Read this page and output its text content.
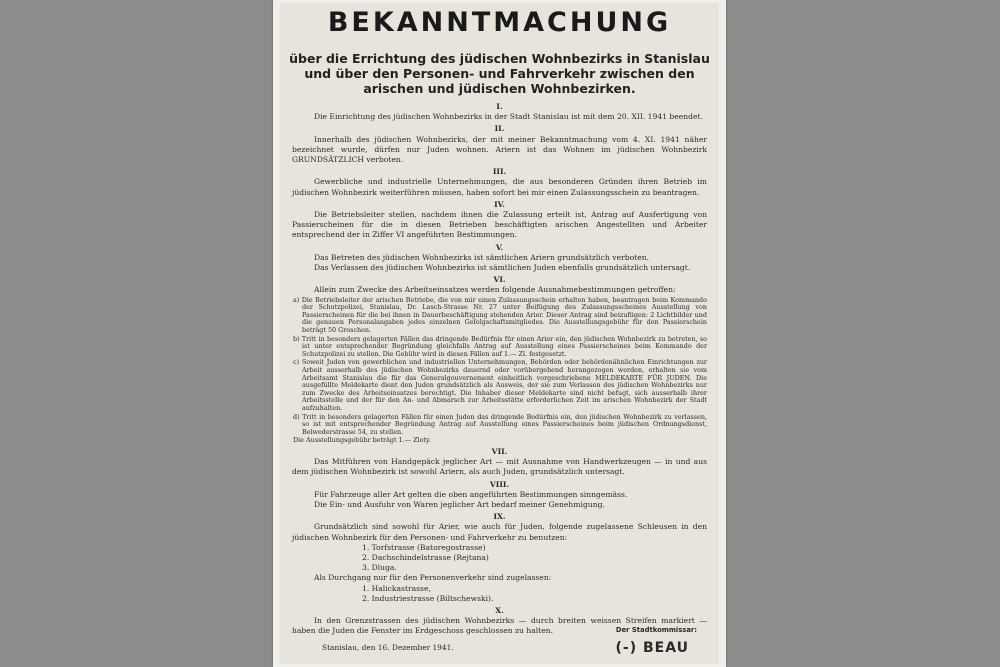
BEKANNTMACHUNG
über die Errichtung des jüdischen Wohnbezirks in Stanislau und über den Personen- und Fahrverkehr zwischen den arischen und jüdischen Wohnbezirken.
I.
Die Einrichtung des jüdischen Wohnbezirks in der Stadt Stanislau ist mit dem 20. XII. 1941 beendet.
II.
Innerhalb des jüdischen Wohnbezirks, der mit meiner Bekanntmachung vom 4. XI. 1941 näher bezeichnet wurde, dürfen nur Juden wohnen. Ariern ist das Wohnen im jüdischen Wohnbezirk GRUNDSÄTZLICH verboten.
III.
Gewerbliche und industrielle Unternehmungen, die aus besonderen Gründen ihren Betrieb im jüdischen Wohnbezirk weiterführen müssen, haben sofort bei mir einen Zulassungsschein zu beantragen.
IV.
Die Betriebsleiter stellen, nachdem ihnen die Zulassung erteilt ist, Antrag auf Ausfertigung von Passierscheinen für die in diesen Betrieben beschäftigten arischen Angestellten und Arbeiter entsprechend der in Ziffer VI angeführten Bestimmungen.
V.
Das Betreten des jüdischen Wohnbezirks ist sämtlichen Ariern grundsätzlich verboten.
Das Verlassen des jüdischen Wohnbezirks ist sämtlichen Juden ebenfalls grundsätzlich untersagt.
VI.
Allein zum Zwecke des Arbeitseinsatzes werden folgende Ausnahmebestimmungen getroffen:
a) Die Betriebsleiter der arischen Betriebe, die von mir einen Zulassungsschein erhalten haben, beantragen beim Kommando der Schutzpolizei, Stanislau, Dr. Lasch-Strasse Nr. 27 unter Beifügung des Zulassungsscheines Ausstellung von Passierscheinen für die bei ihnen in Dauerbeschäftigung stehenden Arier. Dieser Antrag sind beizufügen: 2 Lichtbilder und die genauen Personalangaben jedes einzelnen Gefolgschaftsmitgliedes. Die Ausstellungsgebühr für den Passierschein beträgt 50 Groschen.
b) Tritt in besonders gelagerten Fällen das dringende Bedürfnis für einen Arier ein, den jüdischen Wohnbezirk zu betreten, so ist unter entsprechender Begründung gleichfalls Antrag auf Ausstellung eines Passierscheines beim Kommando der Schutzpolizei zu stellen. Die Gebühr wird in diesen Fällen auf 1.— Zl. festgesetzt.
c) Soweit Juden von gewerblichen und industriellen Unternehmungen, Behörden oder behördenähnlichen Einrichtungen zur Arbeit ausserhalb des jüdischen Wohnbezirks dauernd oder vorübergehend herangezogen werden, erhalten sie vom Arbeitsamt Stanislau die für das Generalgouvernement einheitlich vorgeschriebene MELDEKARTE FÜR JUDEN. Die ausgefüllte Meldekarte dient den Juden grundsätzlich als Ausweis, der sie zum Verlassen des jüdischen Wohnbezirks nur zum Zwecke des Arbeitseinsatzes berechtigt. Die Inhaber dieser Meldekarte sind nicht befugt, sich ausserhalb ihrer Arbeitsstelle und der für den An- und Abmarsch zur Arbeitsstätte erforderlichen Zeit im arischen Wohnbezirk der Stadt aufzuhalten.
d) Tritt in besonders gelagerten Fällen für einen Juden das dringende Bedürfnis ein, den jüdischen Wohnbezirk zu verlassen, so ist mit entsprechender Begründung Antrag auf Ausstellung eines Passierscheines beim jüdischen Ordnungsdienst, Belwederstrasse 54, zu stellen.
Die Ausstellungsgebühr beträgt 1.— Zloty.
VII.
Das Mitführen von Handgepäck jeglicher Art — mit Ausnahme von Handwerkzeugen — in und aus dem jüdischen Wohnbezirk ist sowohl Ariern, als auch Juden, grundsätzlich untersagt.
VIII.
Für Fahrzeuge aller Art gelten die oben angeführten Bestimmungen sinngemäss.
Die Ein- und Ausfuhr von Waren jeglicher Art bedarf meiner Genehmigung.
IX.
Grundsätzlich sind sowohl für Arier, wie auch für Juden, folgende zugelassene Schleusen in den jüdischen Wohnbezirk für den Personen- und Fahrverkehr zu benutzen:
1. Torfstrasse (Batoregostrasse)
2. Dachschindelstrasse (Rejtana)
3. Dluga.
Als Durchgang nur für den Personenverkehr sind zugelassen:
1. Halickastrasse,
2. Industriestrasse (Biltschewski).
X.
In den Grenzstrassen des jüdischen Wohnbezirks — durch breiten weissen Streifen markiert — haben die Juden die Fenster im Erdgeschoss geschlossen zu halten.
Stanislau, den 16. Dezember 1941.
Der Stadtkommissar:
(-) BEAU
